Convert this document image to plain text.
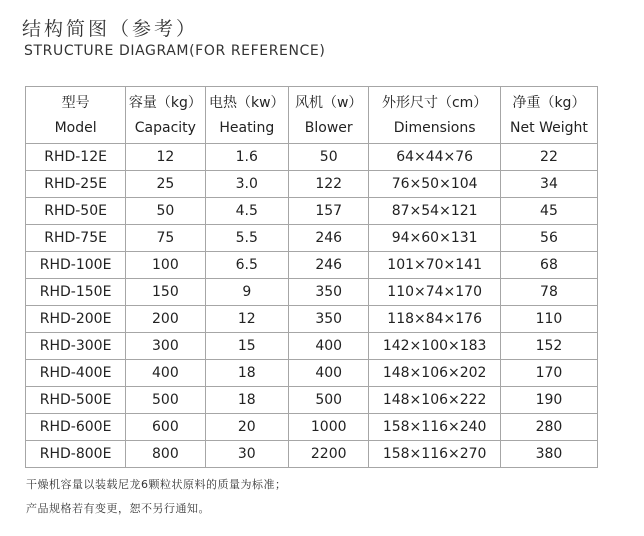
结构简图（参考）
STRUCTURE DIAGRAM(FOR REFERENCE)
型号	容量（kg）	电热（kw）	风机（w）	外形尺寸（cm）	净重（kg）
Model	Capacity	Heating	Blower	Dimensions	Net Weight
RHD-12E	12	1.6	50	64×44×76	22
RHD-25E	25	3.0	122	76×50×104	34
RHD-50E	50	4.5	157	87×54×121	45
RHD-75E	75	5.5	246	94×60×131	56
RHD-100E	100	6.5	246	101×70×141	68
RHD-150E	150	9	350	110×74×170	78
RHD-200E	200	12	350	118×84×176	110
RHD-300E	300	15	400	142×100×183	152
RHD-400E	400	18	400	148×106×202	170
RHD-500E	500	18	500	148×106×222	190
RHD-600E	600	20	1000	158×116×240	280
RHD-800E	800	30	2200	158×116×270	380
干燥机容量以装载尼龙6颗粒状原料的质量为标准；
产品规格若有变更，恕不另行通知。
